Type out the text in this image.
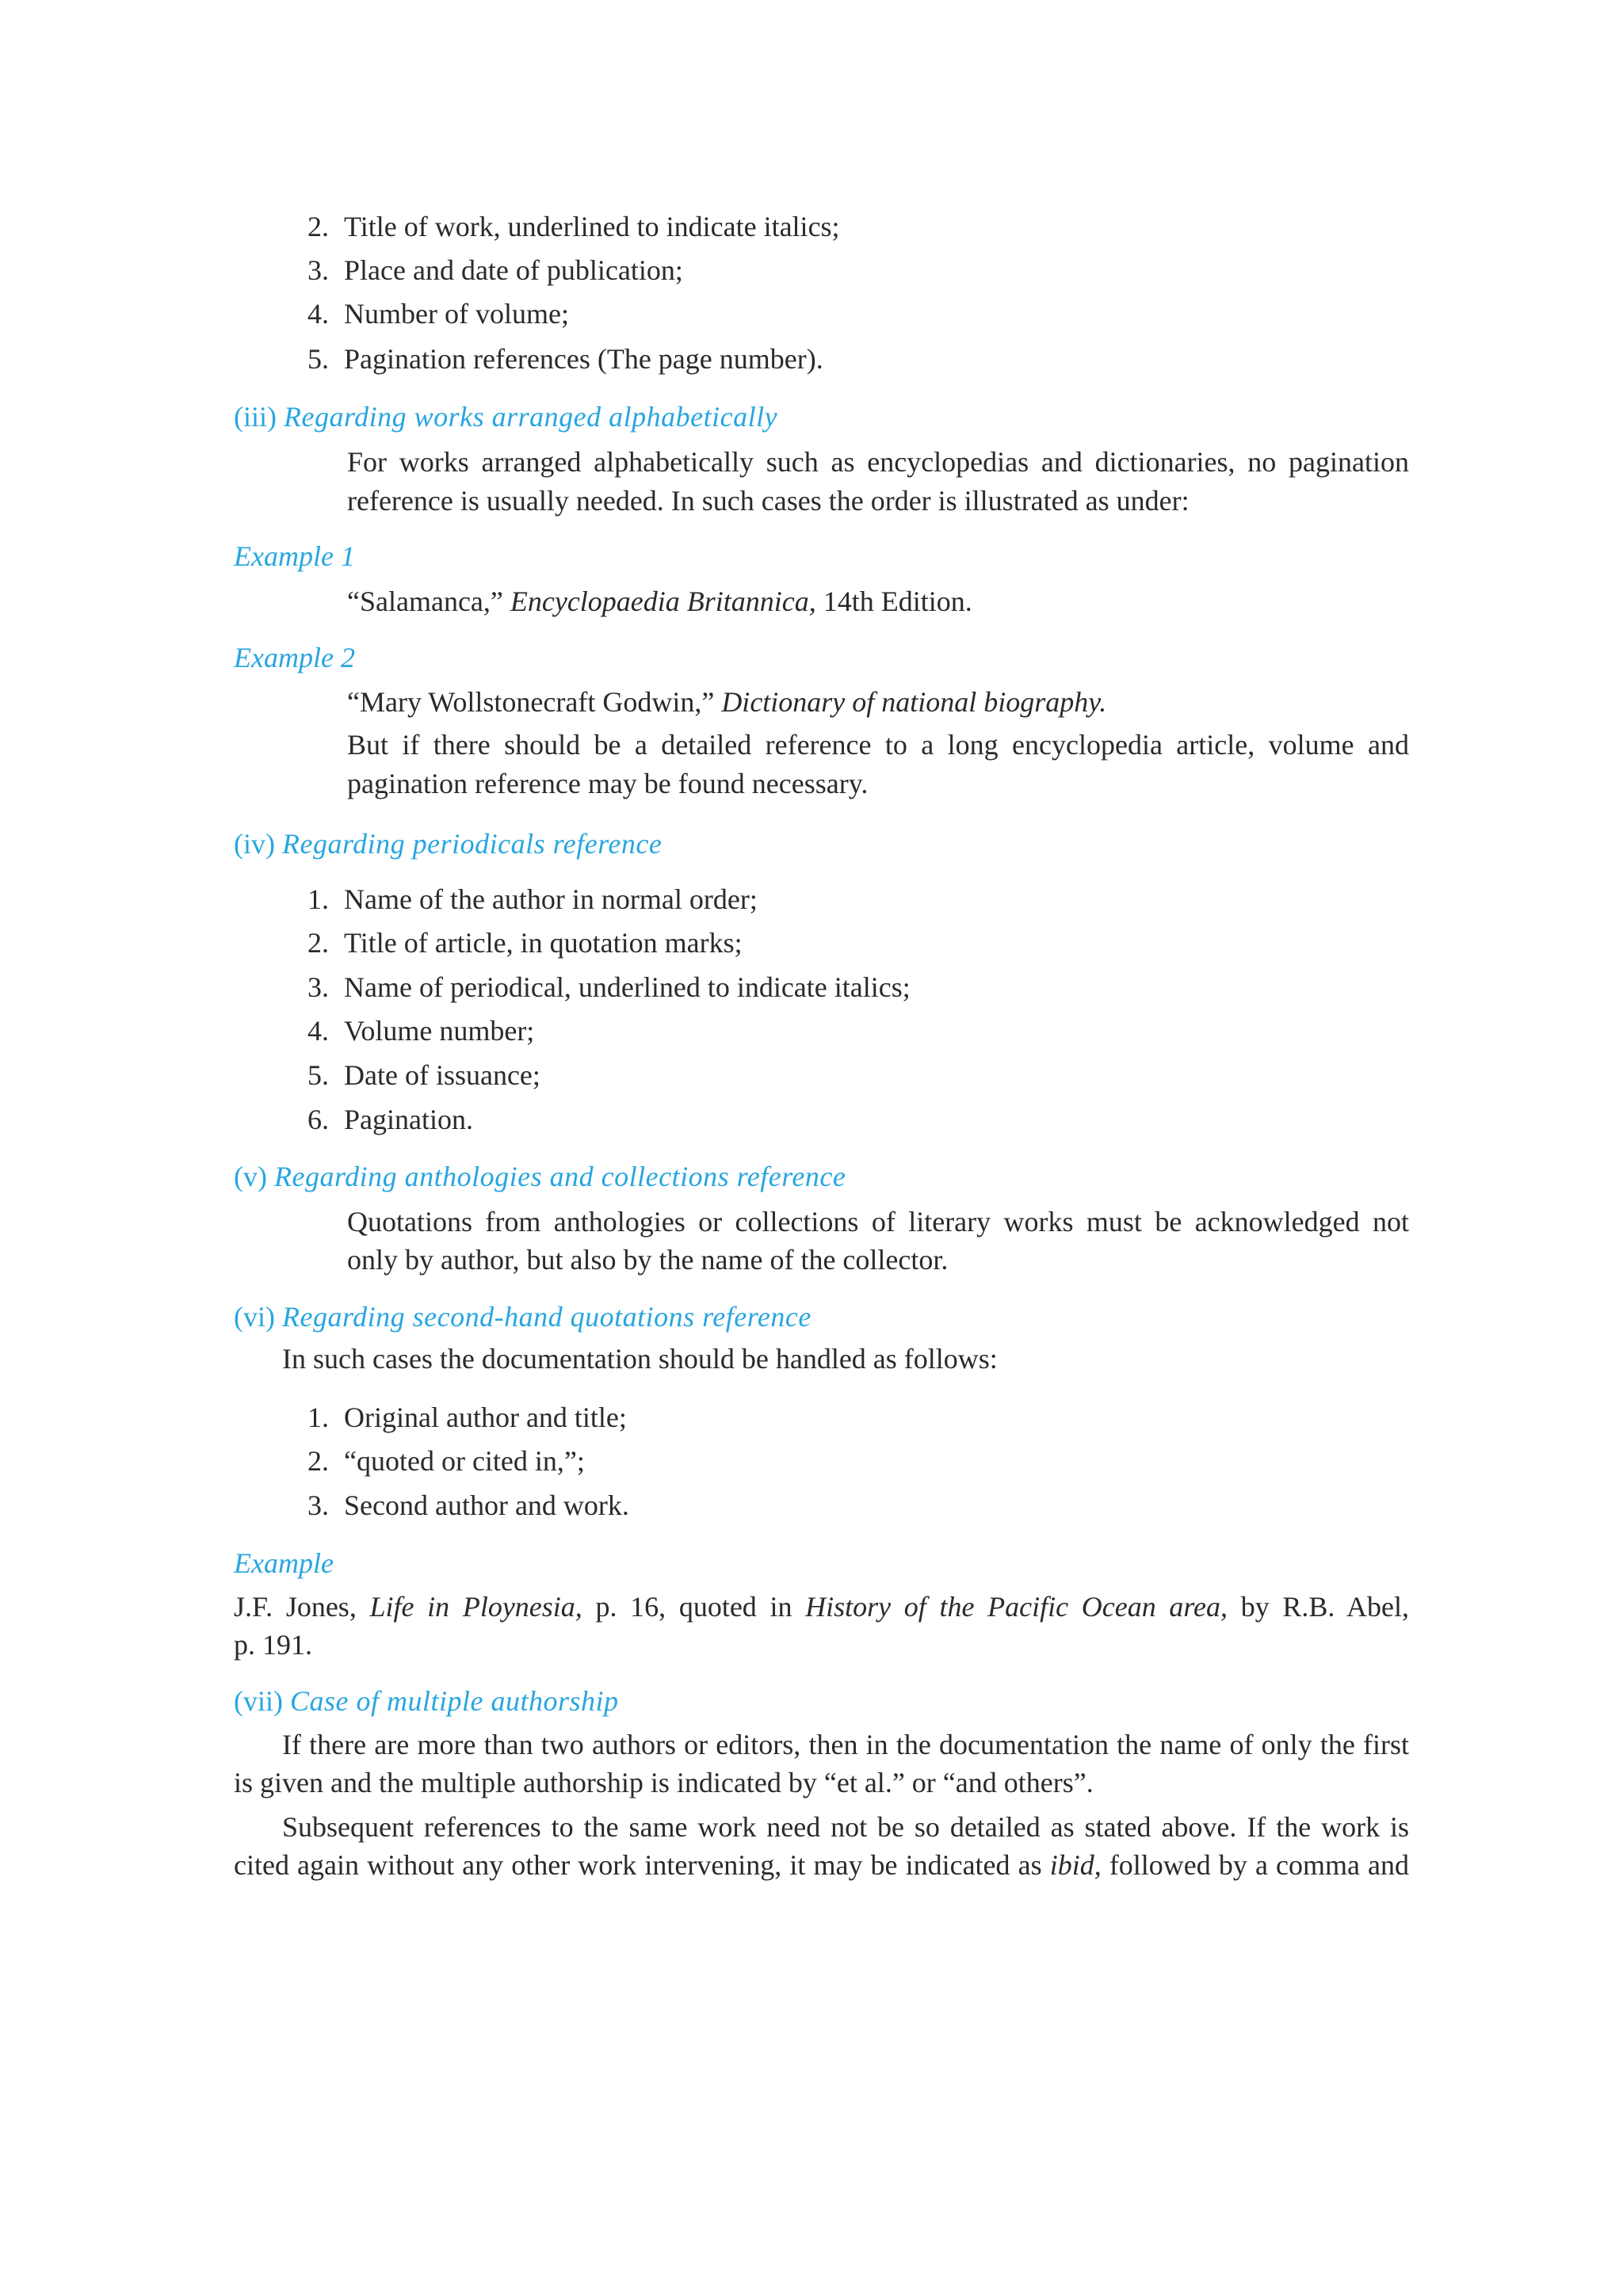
2. Title of work, underlined to indicate italics;
3. Place and date of publication;
4. Number of volume;
5. Pagination references (The page number).
(iii) Regarding works arranged alphabetically
For works arranged alphabetically such as encyclopedias and dictionaries, no pagination
reference is usually needed. In such cases the order is illustrated as under:
Example 1
“Salamanca,” Encyclopaedia Britannica, 14th Edition.
Example 2
“Mary Wollstonecraft Godwin,” Dictionary of national biography.
But if there should be a detailed reference to a long encyclopedia article, volume and
pagination reference may be found necessary.
(iv) Regarding periodicals reference
1. Name of the author in normal order;
2. Title of article, in quotation marks;
3. Name of periodical, underlined to indicate italics;
4. Volume number;
5. Date of issuance;
6. Pagination.
(v) Regarding anthologies and collections reference
Quotations from anthologies or collections of literary works must be acknowledged not
only by author, but also by the name of the collector.
(vi) Regarding second-hand quotations reference
In such cases the documentation should be handled as follows:
1. Original author and title;
2. “quoted or cited in,”;
3. Second author and work.
Example
J.F. Jones, Life in Ploynesia, p. 16, quoted in History of the Pacific Ocean area, by R.B. Abel,
p. 191.
(vii) Case of multiple authorship
If there are more than two authors or editors, then in the documentation the name of only the first
is given and the multiple authorship is indicated by “et al.” or “and others”.
Subsequent references to the same work need not be so detailed as stated above. If the work is
cited again without any other work intervening, it may be indicated as ibid, followed by a comma and
